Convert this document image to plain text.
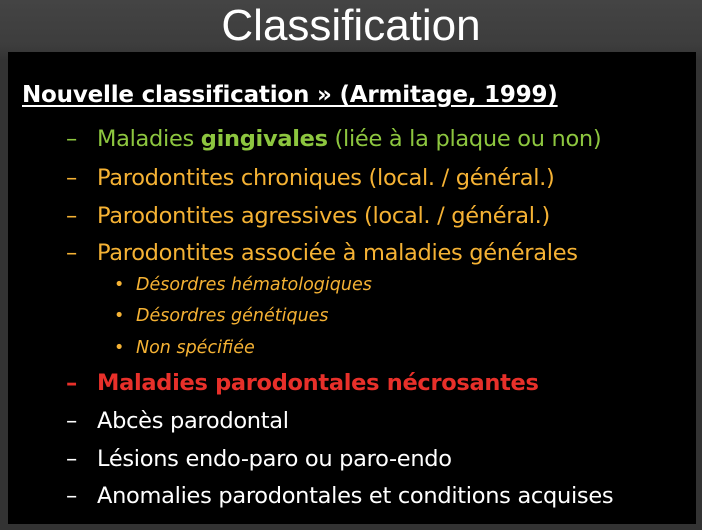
Classification
Nouvelle classification » (Armitage, 1999)
– Maladies gingivales (liée à la plaque ou non)
– Parodontites chroniques (local. / général.)
– Parodontites agressives (local. / général.)
– Parodontites associée à maladies générales
• Désordres hématologiques
• Désordres génétiques
• Non spécifiée
– Maladies parodontales nécrosantes
– Abcès parodontal
– Lésions endo-paro ou paro-endo
– Anomalies parodontales et conditions acquises
